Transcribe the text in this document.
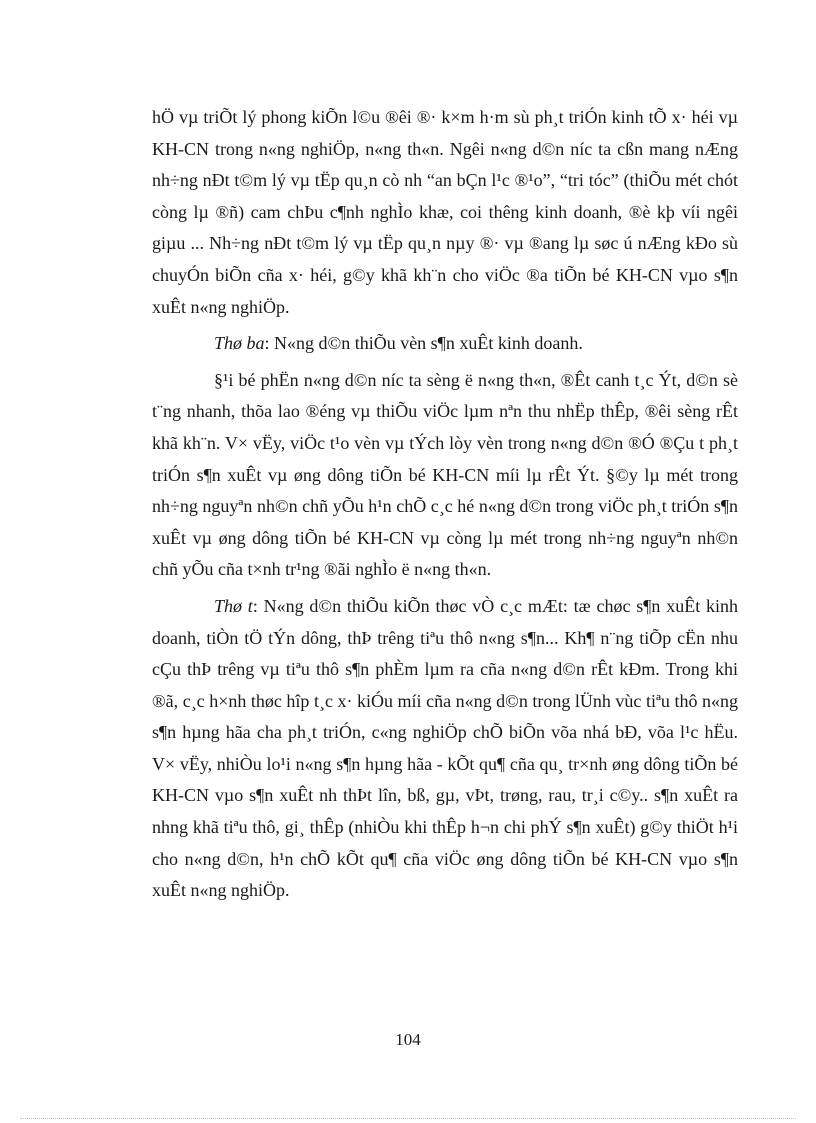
hÖ vµ triÕt lý phong kiÕn l©u ®êi ®· k×m h·m sù ph¸t triÓn kinh tÕ x· héi vµ KH-CN trong n«ng nghiÖp, n«ng th«n. Ngêi n«ng d©n níc ta cßn mang nÆng nh÷ng nÐt t©m lý vµ tËp qu¸n cò nh “an bÇn l¹c ®¹o”, “tri tóc” (thiÕu mét chót còng lµ ®ñ) cam chÞu c¶nh nghÌo khæ, coi thêng kinh doanh, ®è kþ víi ngêi giµu ... Nh÷ng nÐt t©m lý vµ tËp qu¸n nµy ®· vµ ®ang lµ søc ú nÆng kÐo sù chuyÓn biÕn cña x· héi, g©y khã kh¨n cho viÖc ®a tiÕn bé KH-CN vµo s¶n xuÊt n«ng nghiÖp.

Thø ba: N«ng d©n thiÕu vèn s¶n xuÊt kinh doanh.

§¹i bé phËn n«ng d©n níc ta sèng ë n«ng th«n, ®Êt canh t¸c Ýt, d©n sè t¨ng nhanh, thõa lao ®éng vµ thiÕu viÖc lµm nªn thu nhËp thÊp, ®êi sèng rÊt khã kh¨n. V× vËy, viÖc t¹o vèn vµ tÝch lòy vèn trong n«ng d©n ®Ó ®Çu t ph¸t triÓn s¶n xuÊt vµ øng dông tiÕn bé KH-CN míi lµ rÊt Ýt. §©y lµ mét trong nh÷ng nguyªn nh©n chñ yÕu h¹n chÕ c¸c hé n«ng d©n trong viÖc ph¸t triÓn s¶n xuÊt vµ øng dông tiÕn bé KH-CN vµ còng lµ mét trong nh÷ng nguyªn nh©n chñ yÕu cña t×nh tr¹ng ®ãi nghÌo ë n«ng th«n.

Thø t: N«ng d©n thiÕu kiÕn thøc vÒ c¸c mÆt: tæ chøc s¶n xuÊt kinh doanh, tiÒn tÖ tÝn dông, thÞ trêng tiªu thô n«ng s¶n... Kh¶ n¨ng tiÕp cËn nhu cÇu thÞ trêng vµ tiªu thô s¶n phÈm lµm ra cña n«ng d©n rÊt kÐm. Trong khi ®ã, c¸c h×nh thøc hîp t¸c x· kiÓu míi cña n«ng d©n trong lÜnh vùc tiªu thô n«ng s¶n hµng hãa cha ph¸t triÓn, c«ng nghiÖp chÕ biÕn võa nhá bÐ, võa l¹c hËu. V× vËy, nhiÒu lo¹i n«ng s¶n hµng hãa - kÕt qu¶ cña qu¸ tr×nh øng dông tiÕn bé KH-CN vµo s¶n xuÊt nh thÞt lîn, bß, gµ, vÞt, trøng, rau, tr¸i c©y.. s¶n xuÊt ra nhng khã tiªu thô, gi¸ thÊp (nhiÒu khi thÊp h¬n chi phÝ s¶n xuÊt) g©y thiÖt h¹i cho n«ng d©n, h¹n chÕ kÕt qu¶ cña viÖc øng dông tiÕn bé KH-CN vµo s¶n xuÊt n«ng nghiÖp.

104
